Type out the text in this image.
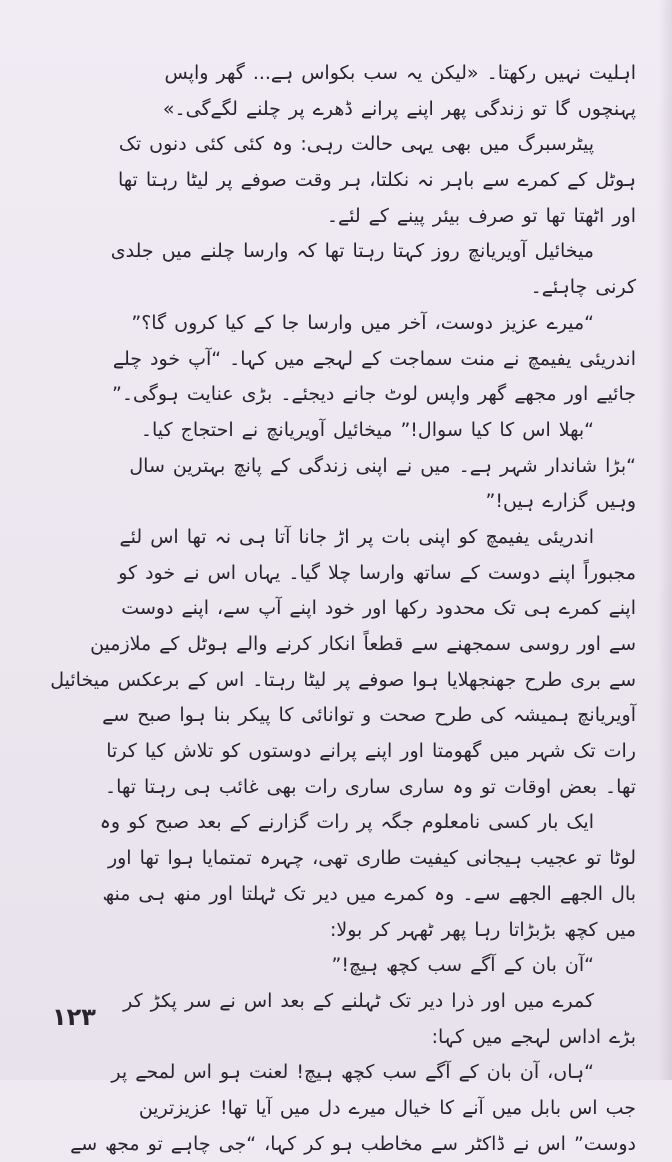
اہلیت نہیں رکھتا۔ «لیکن یہ سب بکواس ہے... گھر واپس
پہنچوں گا تو زندگی پھر اپنے پرانے ڈھرے پر چلنے لگےگی۔»
پیٹرسبرگ میں بھی یہی حالت رہی: وہ کئی کئی دنوں تک
ہوٹل کے کمرے سے باہر نہ نکلتا، ہر وقت صوفے پر لیٹا رہتا تھا
اور اٹھتا تھا تو صرف بیئر پینے کے لئے۔
میخائیل آویریانچ روز کہتا رہتا تھا کہ وارسا چلنے میں جلدی
کرنی چاہئے۔
“میرے عزیز دوست، آخر میں وارسا جا کے کیا کروں گا؟”
اندریئی یفیمچ نے منت سماجت کے لہجے میں کہا۔ “آپ خود چلے
جائیے اور مجھے گھر واپس لوٹ جانے دیجئے۔ بڑی عنایت ہوگی۔”
“بھلا اس کا کیا سوال!” میخائیل آویریانچ نے احتجاج کیا۔
“بڑا شاندار شہر ہے۔ میں نے اپنی زندگی کے پانچ بہترین سال
وہیں گزارے ہیں!”
اندریئی یفیمچ کو اپنی بات پر اڑ جانا آتا ہی نہ تھا اس لئے
مجبوراً اپنے دوست کے ساتھ وارسا چلا گیا۔ یہاں اس نے خود کو
اپنے کمرے ہی تک محدود رکھا اور خود اپنے آپ سے، اپنے دوست
سے اور روسی سمجھنے سے قطعاً انکار کرنے والے ہوٹل کے ملازمین
سے بری طرح جھنجھلایا ہوا صوفے پر لیٹا رہتا۔ اس کے برعکس میخائیل
آویریانچ ہمیشہ کی طرح صحت و توانائی کا پیکر بنا ہوا صبح سے
رات تک شہر میں گھومتا اور اپنے پرانے دوستوں کو تلاش کیا کرتا
تھا۔ بعض اوقات تو وہ ساری ساری رات بھی غائب ہی رہتا تھا۔
ایک بار کسی نامعلوم جگہ پر رات گزارنے کے بعد صبح کو وہ
لوٹا تو عجیب ہیجانی کیفیت طاری تھی، چہرہ تمتمایا ہوا تھا اور
بال الجھے الجھے سے۔ وہ کمرے میں دیر تک ٹہلتا اور منھ ہی منھ
میں کچھ بڑبڑاتا رہا پھر ٹھہر کر بولا:
“آن بان کے آگے سب کچھ ہیچ!”
کمرے میں اور ذرا دیر تک ٹہلنے کے بعد اس نے سر پکڑ کر
بڑے اداس لہجے میں کہا:
“ہاں، آن بان کے آگے سب کچھ ہیچ! لعنت ہو اس لمحے پر
جب اس بابل میں آنے کا خیال میرے دل میں آیا تھا! عزیزترین
دوست” اس نے ڈاکٹر سے مخاطب ہو کر کہا، “جی چاہے تو مجھ سے
١٢٣
